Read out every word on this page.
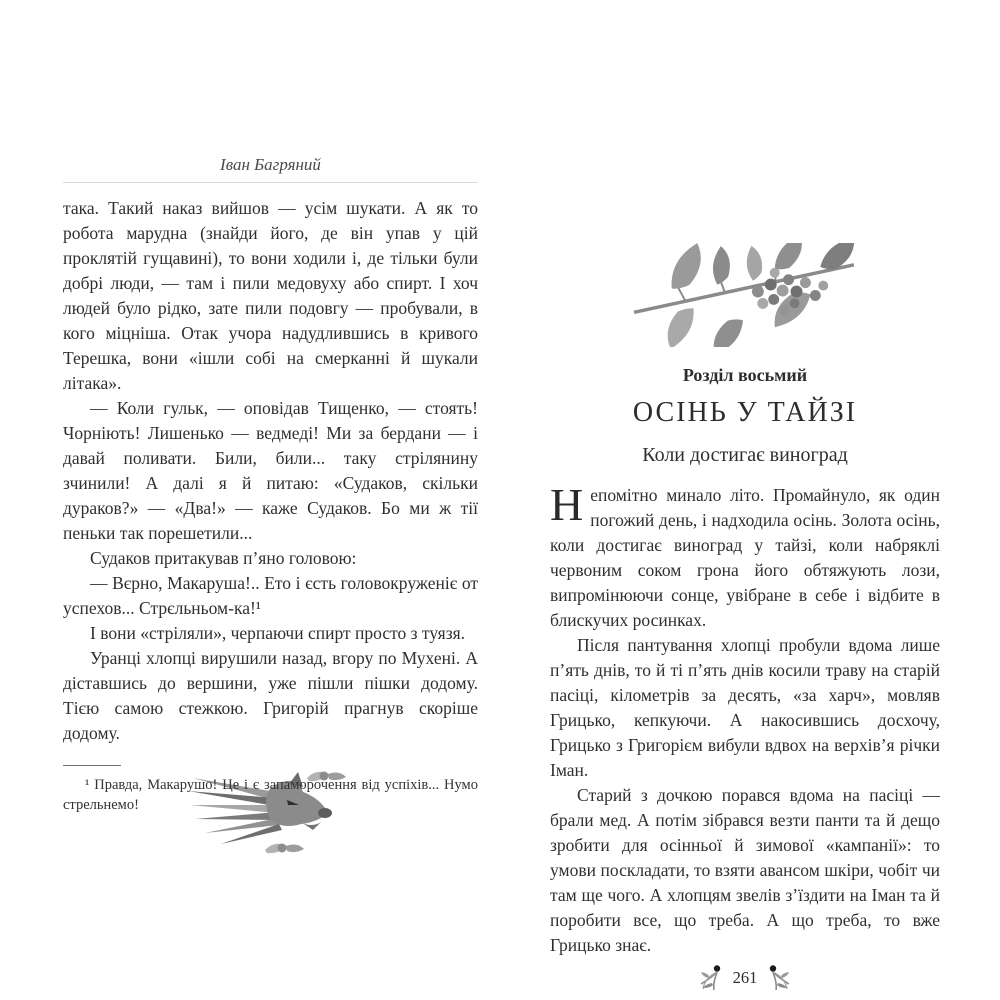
Іван Багряний

така. Такий наказ вийшов — усім шукати. А як то робота марудна (знайди його, де він упав у цій проклятій гущавині), то вони ходили і, де тільки були добрі люди, — там і пили медовуху або спирт. І хоч людей було рідко, зате пили подовгу — пробували, в кого міцніша. Отак учора надудлившись в кривого Терешка, вони «ішли собі на смерканні й шукали літака».

— Коли гульк, — оповідав Тищенко, — стоять! Чорніють! Лишенько — ведмеді! Ми за бердани — і давай поливати. Били, били... таку стрілянину зчинили! А далі я й питаю: «Судаков, скільки дураков?» — «Два!» — каже Судаков. Бо ми ж тії пеньки так порешетили...

Судаков притакував п’яно головою:

— Вєрно, Макаруша!.. Ето і єсть головокруженіє от успехов... Стрєльньом-ка!¹

І вони «стріляли», черпаючи спирт просто з туязя.

Уранці хлопці вирушили назад, вгору по Мухені. А діставшись до вершини, уже пішли пішки додому. Тією самою стежкою. Григорій прагнув скоріше додому.

¹ Правда, Макарушо! Це і є запаморочення від успіхів... Нумо стрельнемо!

Розділ восьмий
ОСІНЬ У ТАЙЗІ
Коли достигає виноград

Непомітно минало літо. Промайнуло, як один погожий день, і надходила осінь. Золота осінь, коли достигає виноград у тайзі, коли набряклі червоним соком грона його обтяжують лози, випромінюючи сонце, увібране в себе і відбите в блискучих росинках.

Після пантування хлопці пробули вдома лише п’ять днів, то й ті п’ять днів косили траву на старій пасіці, кілометрів за десять, «за харч», мовляв Грицько, кепкуючи. А накосившись досхочу, Грицько з Григорієм вибули вдвох на верхів’я річки Іман.

Старий з дочкою порався вдома на пасіці — брали мед. А потім зібрався везти панти та й дещо зробити для осінньої й зимової «кампанії»: то умови поскладати, то взяти авансом шкіри, чобіт чи там ще чого. А хлопцям звелів з’їздити на Іман та й поробити все, що треба. А що треба, то вже Грицько знає.

261
